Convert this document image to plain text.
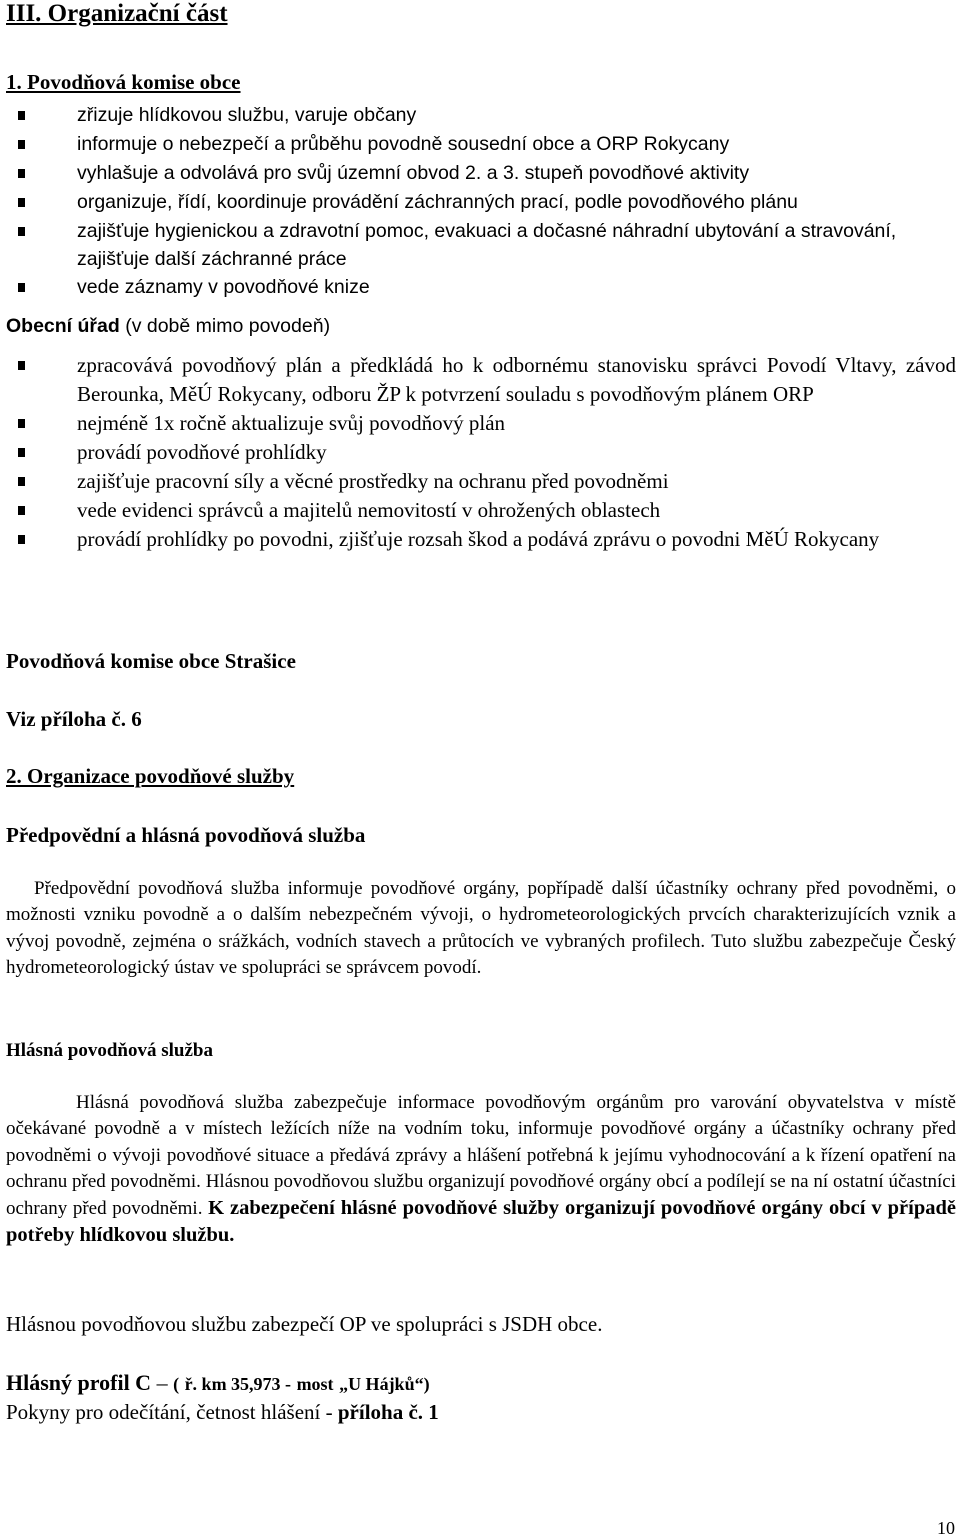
III. Organizační část
1. Povodňová komise obce
zřizuje hlídkovou službu, varuje občany
informuje o nebezpečí a průběhu povodně sousední obce a ORP Rokycany
vyhlašuje a odvolává pro svůj územní obvod 2. a 3. stupeň povodňové aktivity
organizuje, řídí, koordinuje provádění záchranných prací, podle povodňového plánu
zajišťuje hygienickou a zdravotní pomoc, evakuaci a dočasné náhradní ubytování a stravování, zajišťuje další záchranné práce
vede záznamy v povodňové knize

Obecní úřad (v době mimo povodeň)

zpracovává povodňový plán a předkládá ho k odbornému stanovisku správci Povodí Vltavy, závod Berounka, MěÚ Rokycany, odboru ŽP k potvrzení souladu s povodňovým plánem ORP
nejméně 1x ročně aktualizuje svůj povodňový plán
provádí povodňové prohlídky
zajišťuje pracovní síly a věcné prostředky na ochranu před povodněmi
vede evidenci správců a majitelů nemovitostí v ohrožených oblastech
provádí prohlídky po povodni, zjišťuje rozsah škod a podává zprávu o povodni MěÚ Rokycany

Povodňová komise obce Strašice

Viz příloha č. 6

2. Organizace povodňové služby

Předpovědní a hlásná povodňová služba

Předpovědní povodňová služba informuje povodňové orgány, popřípadě další účastníky ochrany před povodněmi, o možnosti vzniku povodně a o dalším nebezpečném vývoji, o hydrometeorologických prvcích charakterizujících vznik a vývoj povodně, zejména o srážkách, vodních stavech a průtocích ve vybraných profilech. Tuto službu zabezpečuje Český hydrometeorologický ústav ve spolupráci se správcem povodí.

Hlásná povodňová služba

Hlásná povodňová služba zabezpečuje informace povodňovým orgánům pro varování obyvatelstva v místě očekávané povodně a v místech ležících níže na vodním toku, informuje povodňové orgány a účastníky ochrany před povodněmi o vývoji povodňové situace a předává zprávy a hlášení potřebná k jejímu vyhodnocování a k řízení opatření na ochranu před povodněmi. Hlásnou povodňovou službu organizují povodňové orgány obcí a podílejí se na ní ostatní účastníci ochrany před povodněmi. K zabezpečení hlásné povodňové služby organizují povodňové orgány obcí v případě potřeby hlídkovou službu.

Hlásnou povodňovou službu zabezpečí OP ve spolupráci s JSDH obce.

Hlásný profil C – ( ř. km 35,973 - most „U Hájků“)

Pokyny pro odečítání, četnost hlášení - příloha č. 1

10
